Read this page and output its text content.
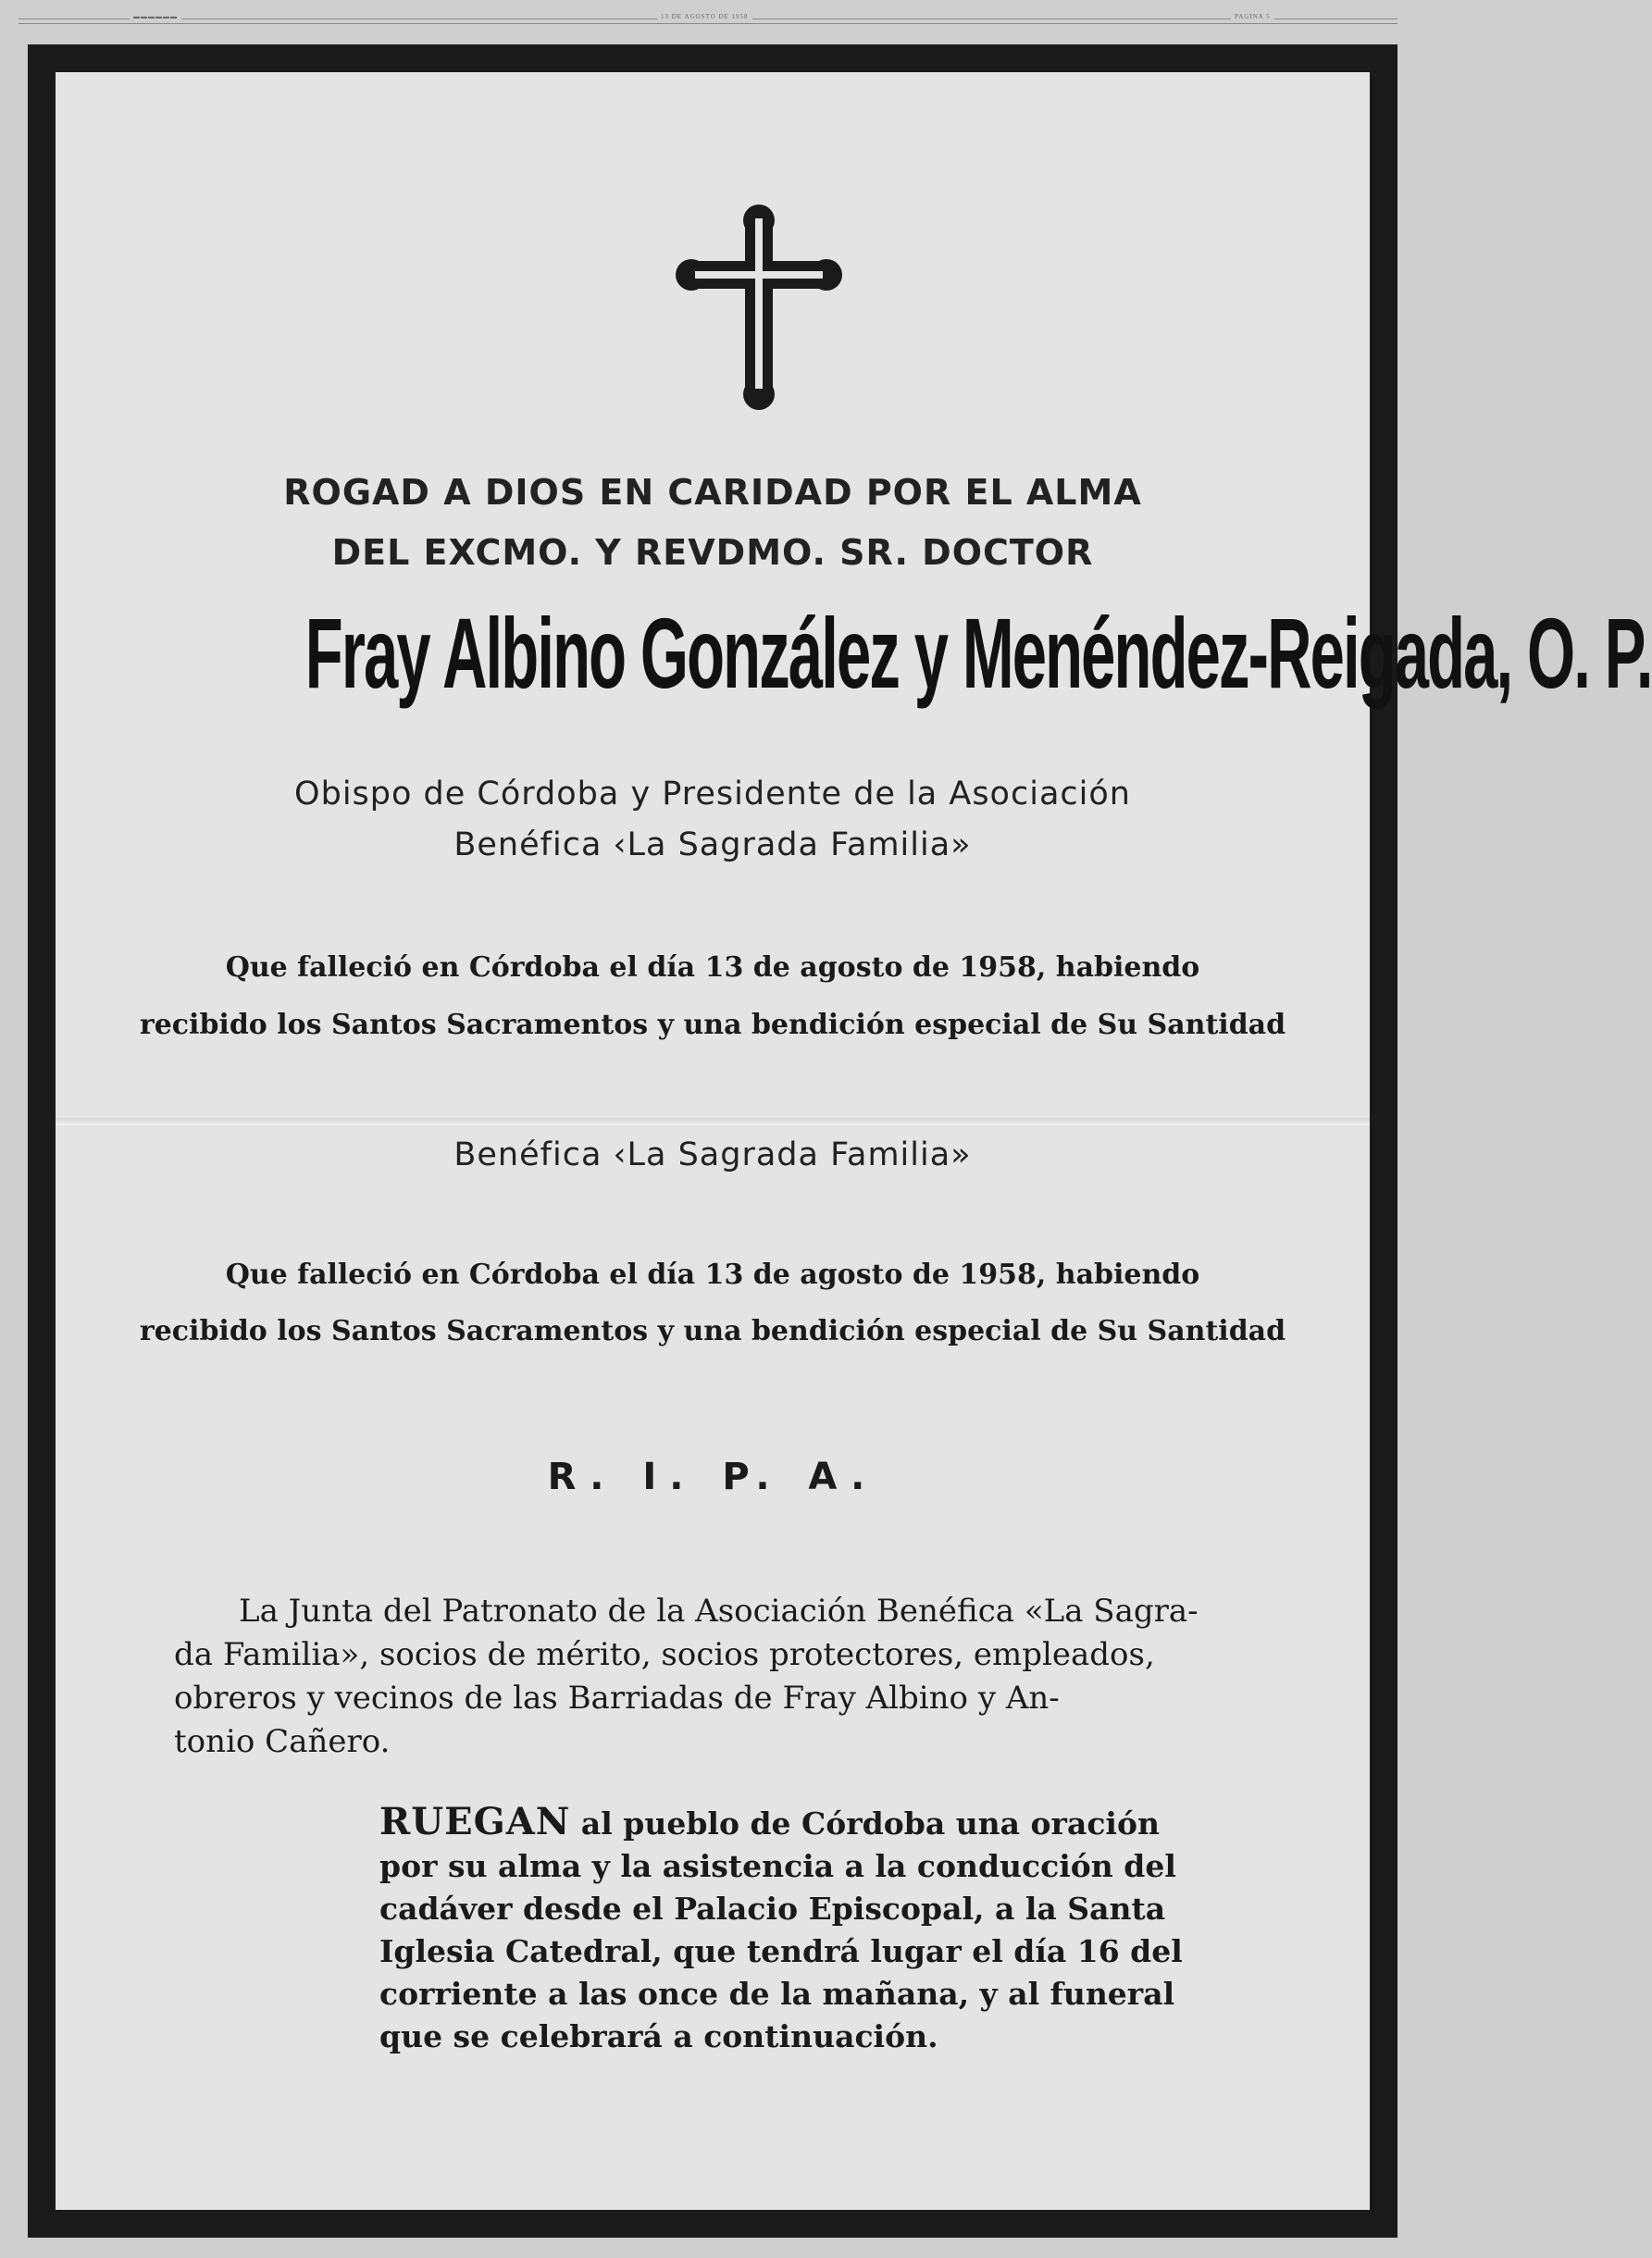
▬▬▬▬▬▬	13 DE AGOSTO DE 1958	PAGINA 5
ROGAD A DIOS EN CARIDAD POR EL ALMA
DEL EXCMO. Y REVDMO. SR. DOCTOR
Fray Albino González y Menéndez-Reigada, O. P.
Obispo de Córdoba y Presidente de la Asociación
Benéfica ‹La Sagrada Familia»
Que falleció en Córdoba el día 13 de agosto de 1958, habiendo
recibido los Santos Sacramentos y una bendición especial de Su Santidad
Benéfica ‹La Sagrada Familia»
Que falleció en Córdoba el día 13 de agosto de 1958, habiendo
recibido los Santos Sacramentos y una bendición especial de Su Santidad
R. I. P. A.
La Junta del Patronato de la Asociación Benéfica «La Sagra-
da Familia», socios de mérito, socios protectores, empleados,
obreros y vecinos de las Barriadas de Fray Albino y An-
tonio Cañero.
RUEGAN al pueblo de Córdoba una oración
por su alma y la asistencia a la conducción del
cadáver desde el Palacio Episcopal, a la Santa
Iglesia Catedral, que tendrá lugar el día 16 del
corriente a las once de la mañana, y al funeral
que se celebrará a continuación.
